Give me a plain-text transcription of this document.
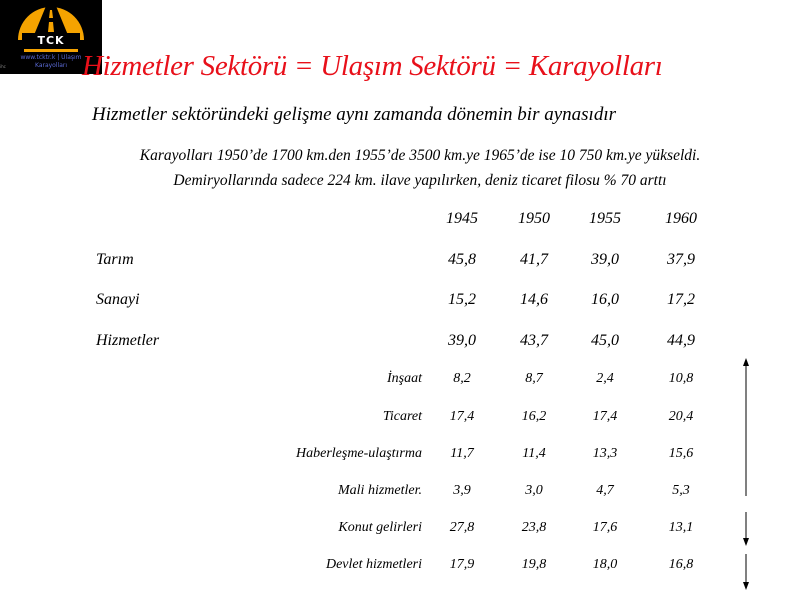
TCK
www.tcktr.k | Ulaşım
Karayolları
ihc	Hizmetler Sektörü = Ulaşım Sektörü = Karayolları
Hizmetler sektöründeki gelişme aynı zamanda dönemin bir aynasıdır
Karayolları 1950’de 1700 km.den 1955’de 3500 km.ye 1965’de ise 10 750 km.ye yükseldi.
Demiryollarında sadece 224 km. ilave yapılırken, deniz ticaret filosu % 70 arttı
1945	1950	1955	1960
Tarım	45,8	41,7	39,0	37,9
Sanayi	15,2	14,6	16,0	17,2
Hizmetler	39,0	43,7	45,0	44,9
İnşaat	8,2	8,7	2,4	10,8
Ticaret	17,4	16,2	17,4	20,4
Haberleşme-ulaştırma	11,7	11,4	13,3	15,6
Mali hizmetler.	3,9	3,0	4,7	5,3
Konut gelirleri	27,8	23,8	17,6	13,1
Devlet hizmetleri	17,9	19,8	18,0	16,8
